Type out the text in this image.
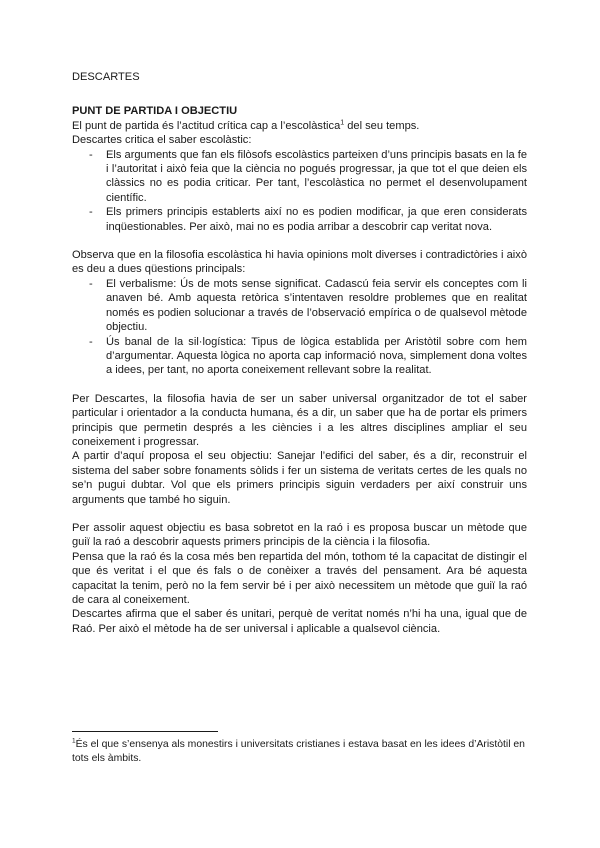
DESCARTES

PUNT DE PARTIDA I OBJECTIU

El punt de partida és l’actitud crítica cap a l’escolàstica$^1$ del seu temps.

Descartes critica el saber escolàstic:

- Els arguments que fan els filòsofs escolàstics parteixen d’uns principis basats en la fe i l’autoritat i això feia que la ciència no pogués progressar, ja que tot el que deien els clàssics no es podia criticar. Per tant, l’escolàstica no permet el desenvolupament científic.
- Els primers principis establerts així no es podien modificar, ja que eren considerats inqüestionables. Per això, mai no es podia arribar a descobrir cap veritat nova.

Observa que en la filosofia escolàstica hi havia opinions molt diverses i contradictòries i això es deu a dues qüestions principals:

- El verbalisme: Ús de mots sense significat. Cadascú feia servir els conceptes com li anaven bé. Amb aquesta retòrica s’intentaven resoldre problemes que en realitat només es podien solucionar a través de l’observació empírica o de qualsevol mètode objectiu.
- Ús banal de la sil·logística: Tipus de lògica establida per Aristòtil sobre com hem d’argumentar. Aquesta lògica no aporta cap informació nova, simplement dona voltes a idees, per tant, no aporta coneixement rellevant sobre la realitat.

Per Descartes, la filosofia havia de ser un saber universal organitzador de tot el saber particular i orientador a la conducta humana, és a dir, un saber que ha de portar els primers principis que permetin després a les ciències i a les altres disciplines ampliar el seu coneixement i progressar.

A partir d’aquí proposa el seu objectiu: Sanejar l’edifici del saber, és a dir, reconstruir el sistema del saber sobre fonaments sòlids i fer un sistema de veritats certes de les quals no se’n pugui dubtar. Vol que els primers principis siguin verdaders per així construir uns arguments que també ho siguin.

Per assolir aquest objectiu es basa sobretot en la raó i es proposa buscar un mètode que guiï la raó a descobrir aquests primers principis de la ciència i la filosofia.

Pensa que la raó és la cosa més ben repartida del món, tothom té la capacitat de distingir el que és veritat i el que és fals o de conèixer a través del pensament. Ara bé aquesta capacitat la tenim, però no la fem servir bé i per això necessitem un mètode que guiï la raó de cara al coneixement.

Descartes afirma que el saber és unitari, perquè de veritat només n’hi ha una, igual que de Raó. Per això el mètode ha de ser universal i aplicable a qualsevol ciència.

$^1$És el que s’ensenya als monestirs i universitats cristianes i estava basat en les idees d’Aristòtil en tots els àmbits.
